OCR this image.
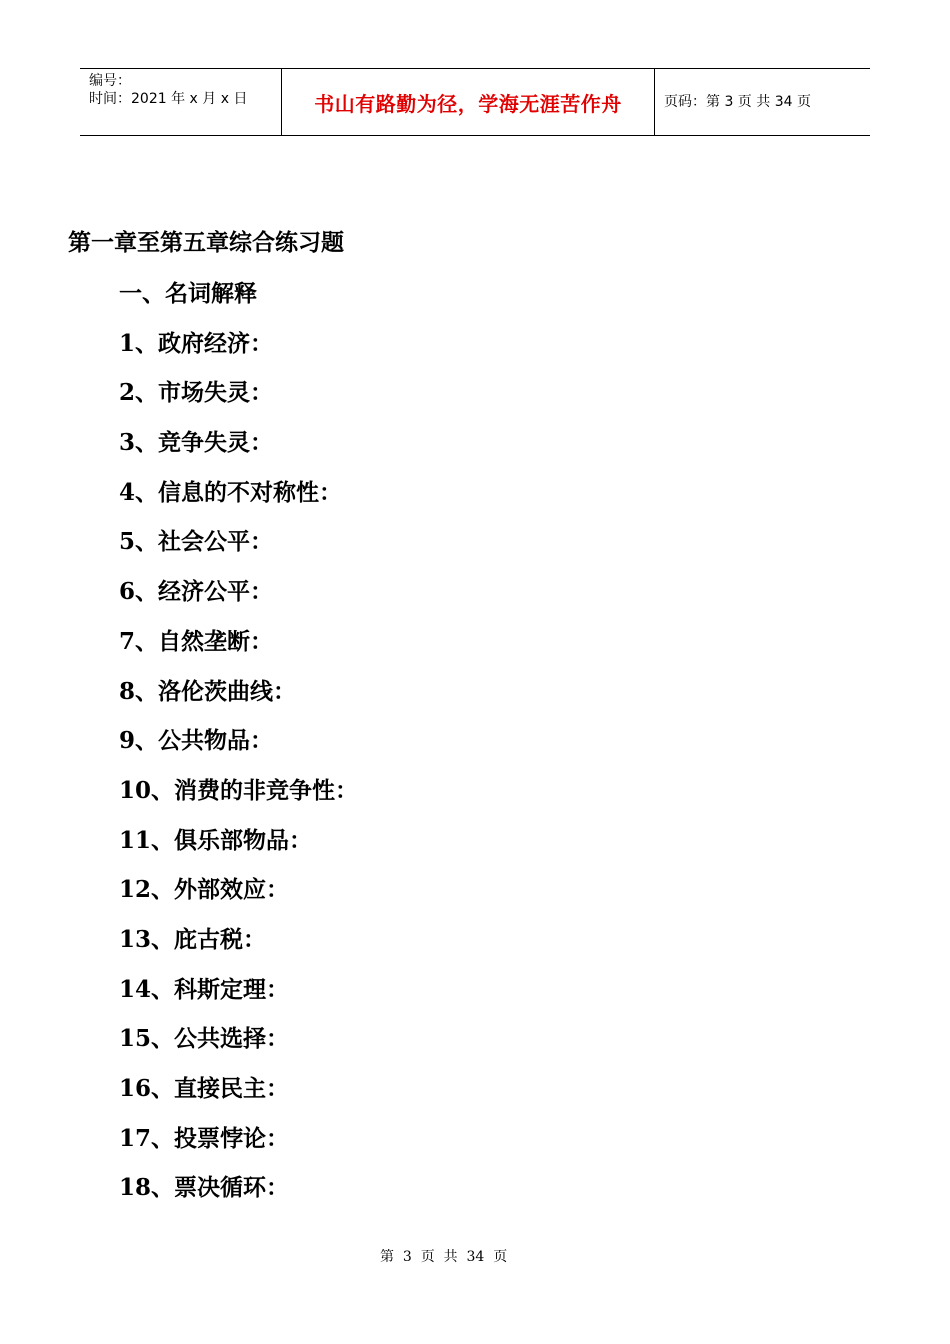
编号：
时间：2021 年 x 月 x 日	书山有路勤为径，学海无涯苦作舟	页码：第 3 页 共 34 页
第一章至第五章综合练习题
一、名词解释
1、政府经济：
2、市场失灵：
3、竞争失灵：
4、信息的不对称性：
5、社会公平：
6、经济公平：
7、自然垄断：
8、洛伦茨曲线：
9、公共物品：
10、消费的非竞争性：
11、俱乐部物品：
12、外部效应：
13、庇古税：
14、科斯定理：
15、公共选择：
16、直接民主：
17、投票悖论：
18、票决循环：
第  3  页  共  34  页
